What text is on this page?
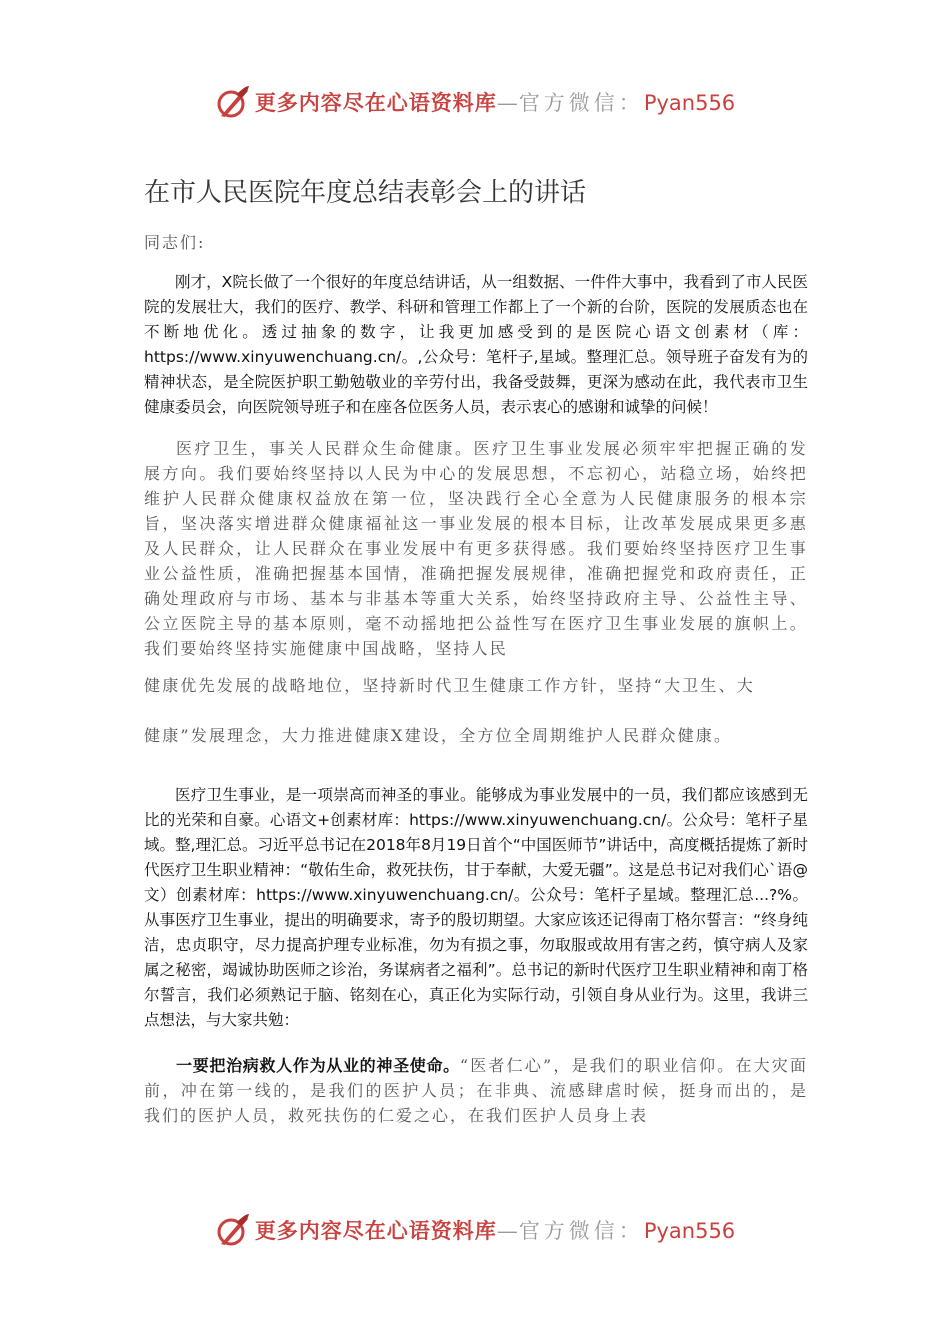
更多内容尽在心语资料库—官方微信：Pyan556
在市人民医院年度总结表彰会上的讲话
同志们:

刚才，X院长做了一个很好的年度总结讲话，从一组数据、一件件大事中，我看到了市人民医院的发展壮大，我们的医疗、教学、科研和管理工作都上了一个新的台阶，医院的发展质态也在不断地优化。透过抽象的数字，让我更加感受到的是医院心语文创素材（库：https://www.xinyuwenchuang.cn/。,公众号：笔杆子,星域。整理汇总。领导班子奋发有为的精神状态，是全院医护职工勤勉敬业的辛劳付出，我备受鼓舞，更深为感动在此，我代表市卫生健康委员会，向医院领导班子和在座各位医务人员，表示衷心的感谢和诚挚的问候！

医疗卫生，事关人民群众生命健康。医疗卫生事业发展必须牢牢把握正确的发展方向。我们要始终坚持以人民为中心的发展思想，不忘初心，站稳立场，始终把维护人民群众健康权益放在第一位，坚决践行全心全意为人民健康服务的根本宗旨，坚决落实增进群众健康福祉这一事业发展的根本目标，让改革发展成果更多惠及人民群众，让人民群众在事业发展中有更多获得感。我们要始终坚持医疗卫生事业公益性质，准确把握基本国情，准确把握发展规律，准确把握党和政府责任，正确处理政府与市场、基本与非基本等重大关系，始终坚持政府主导、公益性主导、公立医院主导的基本原则，毫不动摇地把公益性写在医疗卫生事业发展的旗帜上。我们要始终坚持实施健康中国战略，坚持人民
健康优先发展的战略地位，坚持新时代卫生健康工作方针，坚持“大卫生、大
健康”发展理念，大力推进健康X建设，全方位全周期维护人民群众健康。

医疗卫生事业，是一项崇高而神圣的事业。能够成为事业发展中的一员，我们都应该感到无比的光荣和自豪。心语文+创素材库：https://www.xinyuwenchuang.cn/。公众号：笔杆子星域。整,理汇总。习近平总书记在2018年8月19日首个“中国医师节”讲话中，高度概括提炼了新时代医疗卫生职业精神：“敬佑生命，救死扶伤，甘于奉献，大爱无疆”。这是总书记对我们心`语@文）创素材库：https://www.xinyuwenchuang.cn/。公众号：笔杆子星域。整理汇总...?%。从事医疗卫生事业，提出的明确要求，寄予的殷切期望。大家应该还记得南丁格尔誓言：“终身纯洁，忠贞职守，尽力提高护理专业标准，勿为有损之事，勿取服或故用有害之药，慎守病人及家属之秘密，竭诚协助医师之诊治，务谋病者之福利”。总书记的新时代医疗卫生职业精神和南丁格尔誓言，我们必须熟记于脑、铭刻在心，真正化为实际行动，引领自身从业行为。这里，我讲三点想法，与大家共勉：

一要把治病救人作为从业的神圣使命。“医者仁心”，是我们的职业信仰。在大灾面前，冲在第一线的，是我们的医护人员；在非典、流感肆虐时候，挺身而出的，是我们的医护人员，救死扶伤的仁爱之心，在我们医护人员身上表

更多内容尽在心语资料库—官方微信：Pyan556
